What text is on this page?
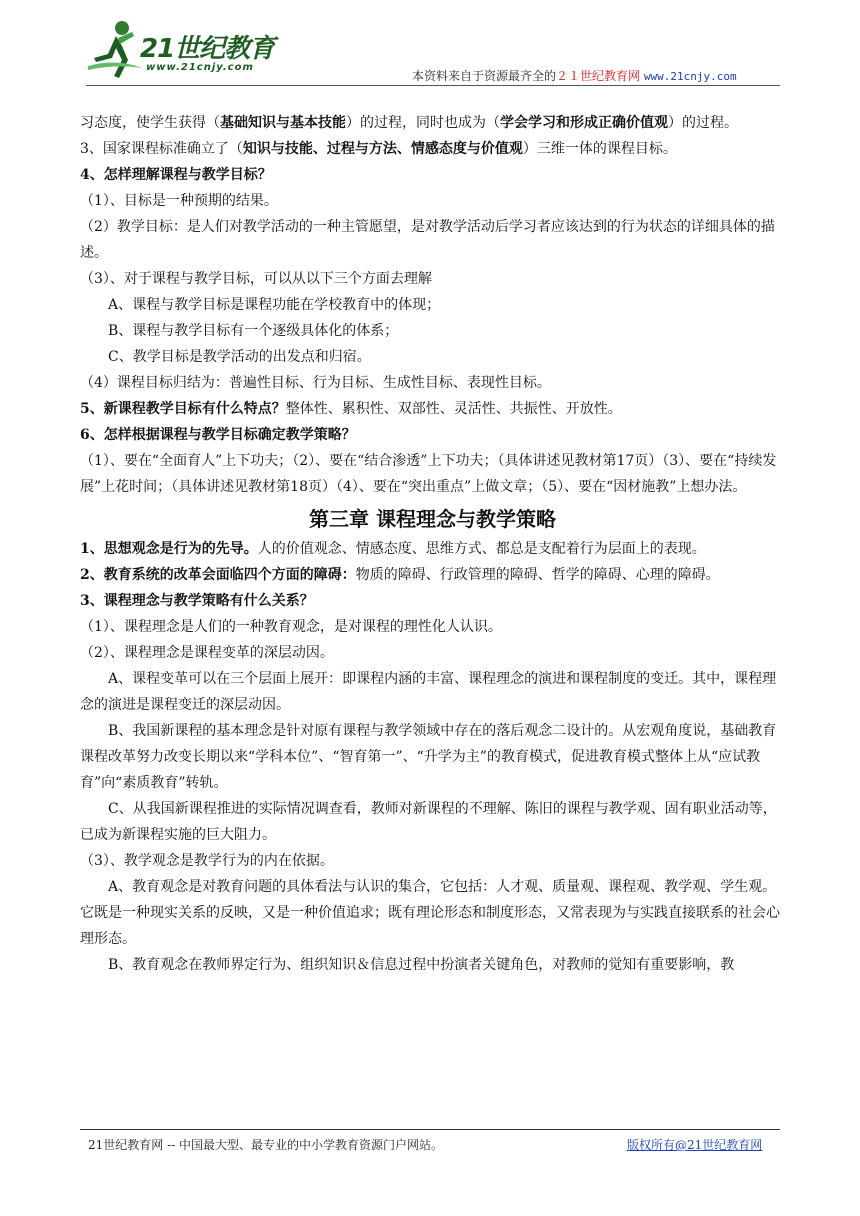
21世纪教育
www.21cnjy.com
本资料来自于资源最齐全的２１世纪教育网 www.21cnjy.com

习态度，使学生获得（基础知识与基本技能）的过程，同时也成为（学会学习和形成正确价值观）的过程。

3、国家课程标准确立了（知识与技能、过程与方法、情感态度与价值观）三维一体的课程目标。

4、怎样理解课程与教学目标？

（1）、目标是一种预期的结果。

（2）教学目标：是人们对教学活动的一种主管愿望，是对教学活动后学习者应该达到的行为状态的详细具体的描述。

（3）、对于课程与教学目标，可以从以下三个方面去理解

A、课程与教学目标是课程功能在学校教育中的体现；

B、课程与教学目标有一个逐级具体化的体系；

C、教学目标是教学活动的出发点和归宿。

（4）课程目标归结为：普遍性目标、行为目标、生成性目标、表现性目标。

5、新课程教学目标有什么特点？整体性、累积性、双部性、灵活性、共振性、开放性。

6、怎样根据课程与教学目标确定教学策略？

（1）、要在“全面育人”上下功夫；（2）、要在“结合渗透”上下功夫；（具体讲述见教材第17页）（3）、要在“持续发展”上花时间；（具体讲述见教材第18页）（4）、要在“突出重点”上做文章；（5）、要在“因材施教”上想办法。

第三章 课程理念与教学策略

1、思想观念是行为的先导。人的价值观念、情感态度、思维方式、都总是支配着行为层面上的表现。

2、教育系统的改革会面临四个方面的障碍：物质的障碍、行政管理的障碍、哲学的障碍、心理的障碍。

3、课程理念与教学策略有什么关系？

（1）、课程理念是人们的一种教育观念，是对课程的理性化人认识。

（2）、课程理念是课程变革的深层动因。

A、课程变革可以在三个层面上展开：即课程内涵的丰富、课程理念的演进和课程制度的变迁。其中，课程理念的演进是课程变迁的深层动因。

B、我国新课程的基本理念是针对原有课程与教学领域中存在的落后观念二设计的。从宏观角度说，基础教育课程改革努力改变长期以来“学科本位”、“智育第一”、“升学为主”的教育模式，促进教育模式整体上从“应试教育”向“素质教育”转轨。

C、从我国新课程推进的实际情况调查看，教师对新课程的不理解、陈旧的课程与教学观、固有职业活动等，已成为新课程实施的巨大阻力。

（3）、教学观念是教学行为的内在依据。

A、教育观念是对教育问题的具体看法与认识的集合，它包括：人才观、质量观、课程观、教学观、学生观。它既是一种现实关系的反映，又是一种价值追求；既有理论形态和制度形态，又常表现为与实践直接联系的社会心理形态。

B、教育观念在教师界定行为、组织知识＆信息过程中扮演者关键角色，对教师的觉知有重要影响，教

21世纪教育网 -- 中国最大型、最专业的中小学教育资源门户网站。	版权所有@21世纪教育网
